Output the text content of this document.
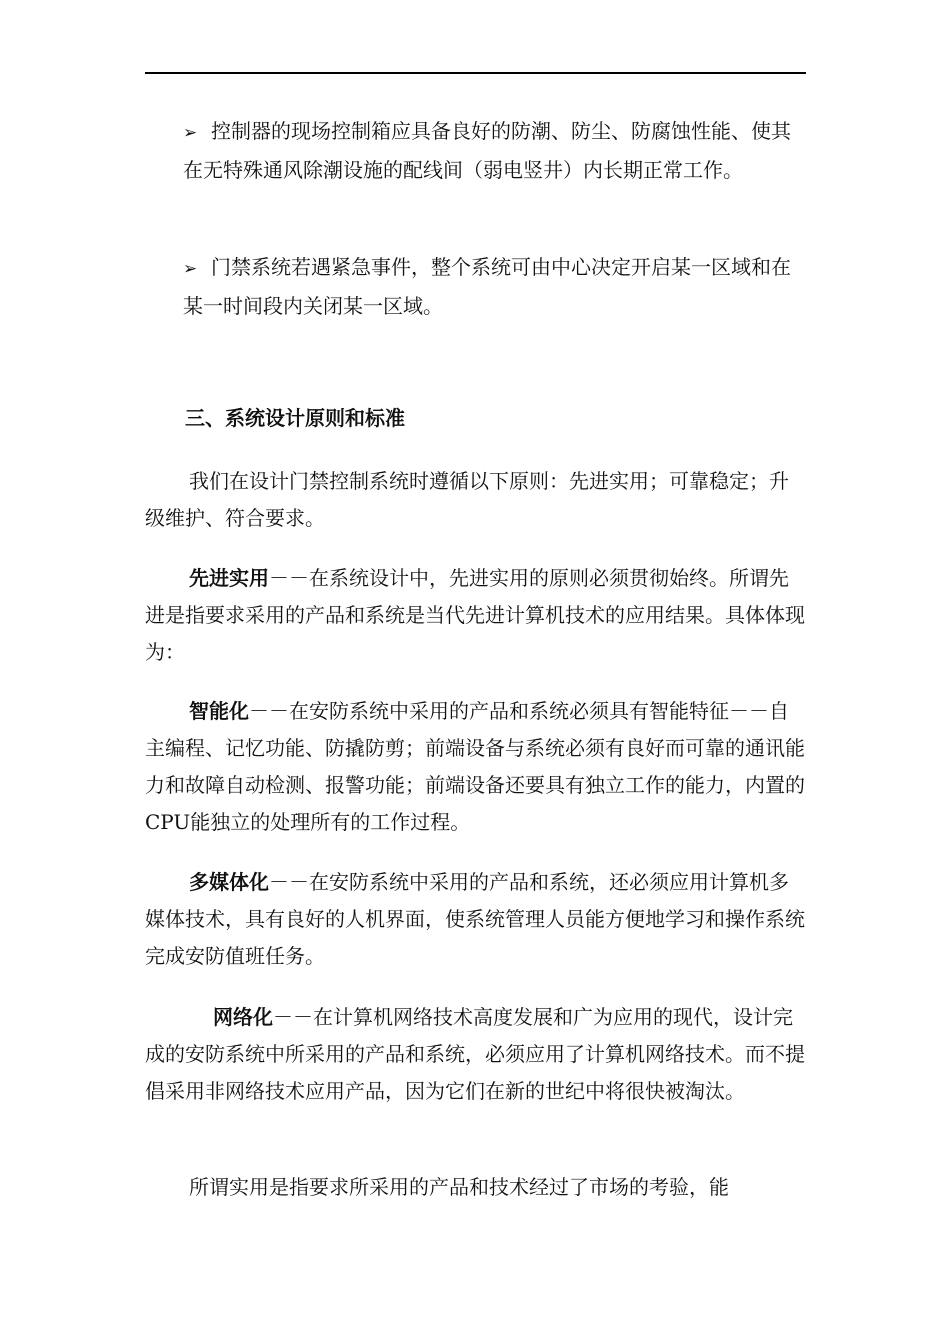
➢ 控制器的现场控制箱应具备良好的防潮、防尘、防腐蚀性能、使其在无特殊通风除潮设施的配线间（弱电竖井）内长期正常工作。
➢ 门禁系统若遇紧急事件，整个系统可由中心决定开启某一区域和在某一时间段内关闭某一区域。
三、系统设计原则和标准

我们在设计门禁控制系统时遵循以下原则：先进实用；可靠稳定；升级维护、符合要求。

先进实用－－在系统设计中，先进实用的原则必须贯彻始终。所谓先进是指要求采用的产品和系统是当代先进计算机技术的应用结果。具体体现为：

智能化－－在安防系统中采用的产品和系统必须具有智能特征－－自主编程、记忆功能、防撬防剪；前端设备与系统必须有良好而可靠的通讯能力和故障自动检测、报警功能；前端设备还要具有独立工作的能力，内置的CPU能独立的处理所有的工作过程。

多媒体化－－在安防系统中采用的产品和系统，还必须应用计算机多媒体技术，具有良好的人机界面，使系统管理人员能方便地学习和操作系统完成安防值班任务。

网络化－－在计算机网络技术高度发展和广为应用的现代，设计完成的安防系统中所采用的产品和系统，必须应用了计算机网络技术。而不提倡采用非网络技术应用产品，因为它们在新的世纪中将很快被淘汰。

所谓实用是指要求所采用的产品和技术经过了市场的考验，能
